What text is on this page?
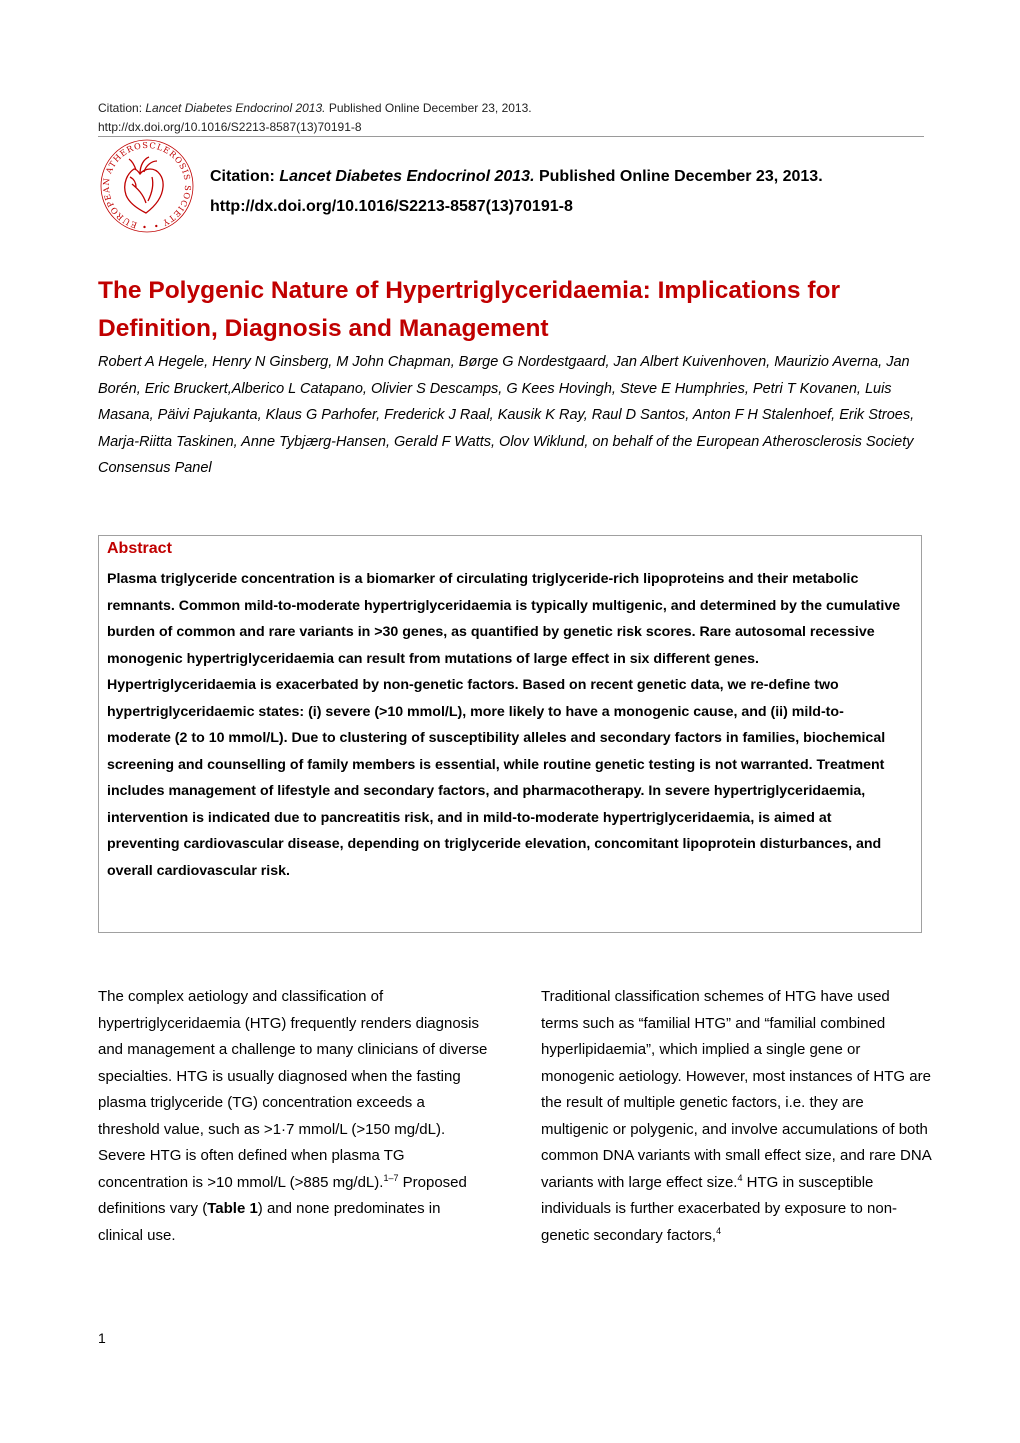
Citation: Lancet Diabetes Endocrinol 2013. Published Online December 23, 2013.
http://dx.doi.org/10.1016/S2213-8587(13)70191-8
• EUROPEAN ATHEROSCLEROSIS SOCIETY •
Citation: Lancet Diabetes Endocrinol 2013. Published Online December 23, 2013.
http://dx.doi.org/10.1016/S2213-8587(13)70191-8
The Polygenic Nature of Hypertriglyceridaemia: Implications for Definition, Diagnosis and Management

Robert A Hegele, Henry N Ginsberg, M John Chapman, Børge G Nordestgaard, Jan Albert Kuivenhoven, Maurizio Averna, Jan Borén, Eric Bruckert,Alberico L Catapano, Olivier S Descamps, G Kees Hovingh, Steve E Humphries, Petri T Kovanen, Luis Masana, Päivi Pajukanta, Klaus G Parhofer, Frederick J Raal, Kausik K Ray, Raul D Santos, Anton F H Stalenhoef, Erik Stroes, Marja-Riitta Taskinen, Anne Tybjærg-Hansen, Gerald F Watts, Olov Wiklund, on behalf of the European Atherosclerosis Society Consensus Panel

Abstract

Plasma triglyceride concentration is a biomarker of circulating triglyceride-rich lipoproteins and their metabolic remnants. Common mild-to-moderate hypertriglyceridaemia is typically multigenic, and determined by the cumulative burden of common and rare variants in >30 genes, as quantified by genetic risk scores. Rare autosomal recessive monogenic hypertriglyceridaemia can result from mutations of large effect in six different genes. Hypertriglyceridaemia is exacerbated by non-genetic factors. Based on recent genetic data, we re-define two hypertriglyceridaemic states: (i) severe (>10 mmol/L), more likely to have a monogenic cause, and (ii) mild-to-moderate (2 to 10 mmol/L). Due to clustering of susceptibility alleles and secondary factors in families, biochemical screening and counselling of family members is essential, while routine genetic testing is not warranted. Treatment includes management of lifestyle and secondary factors, and pharmacotherapy. In severe hypertriglyceridaemia, intervention is indicated due to pancreatitis risk, and in mild-to-moderate hypertriglyceridaemia, is aimed at preventing cardiovascular disease, depending on triglyceride elevation, concomitant lipoprotein disturbances, and overall cardiovascular risk.

The complex aetiology and classification of hypertriglyceridaemia (HTG) frequently renders diagnosis and management a challenge to many clinicians of diverse specialties. HTG is usually diagnosed when the fasting plasma triglyceride (TG) concentration exceeds a threshold value, such as >1·7 mmol/L (>150 mg/dL). Severe HTG is often defined when plasma TG concentration is >10 mmol/L (>885 mg/dL).$^{1-7}$ Proposed definitions vary (Table 1) and none predominates in clinical use.

Traditional classification schemes of HTG have used terms such as “familial HTG” and “familial combined hyperlipidaemia”, which implied a single gene or monogenic aetiology. However, most instances of HTG are the result of multiple genetic factors, i.e. they are multigenic or polygenic, and involve accumulations of both common DNA variants with small effect size, and rare DNA variants with large effect size.$^4$ HTG in susceptible individuals is further exacerbated by exposure to non-genetic secondary factors,$^4$

1
